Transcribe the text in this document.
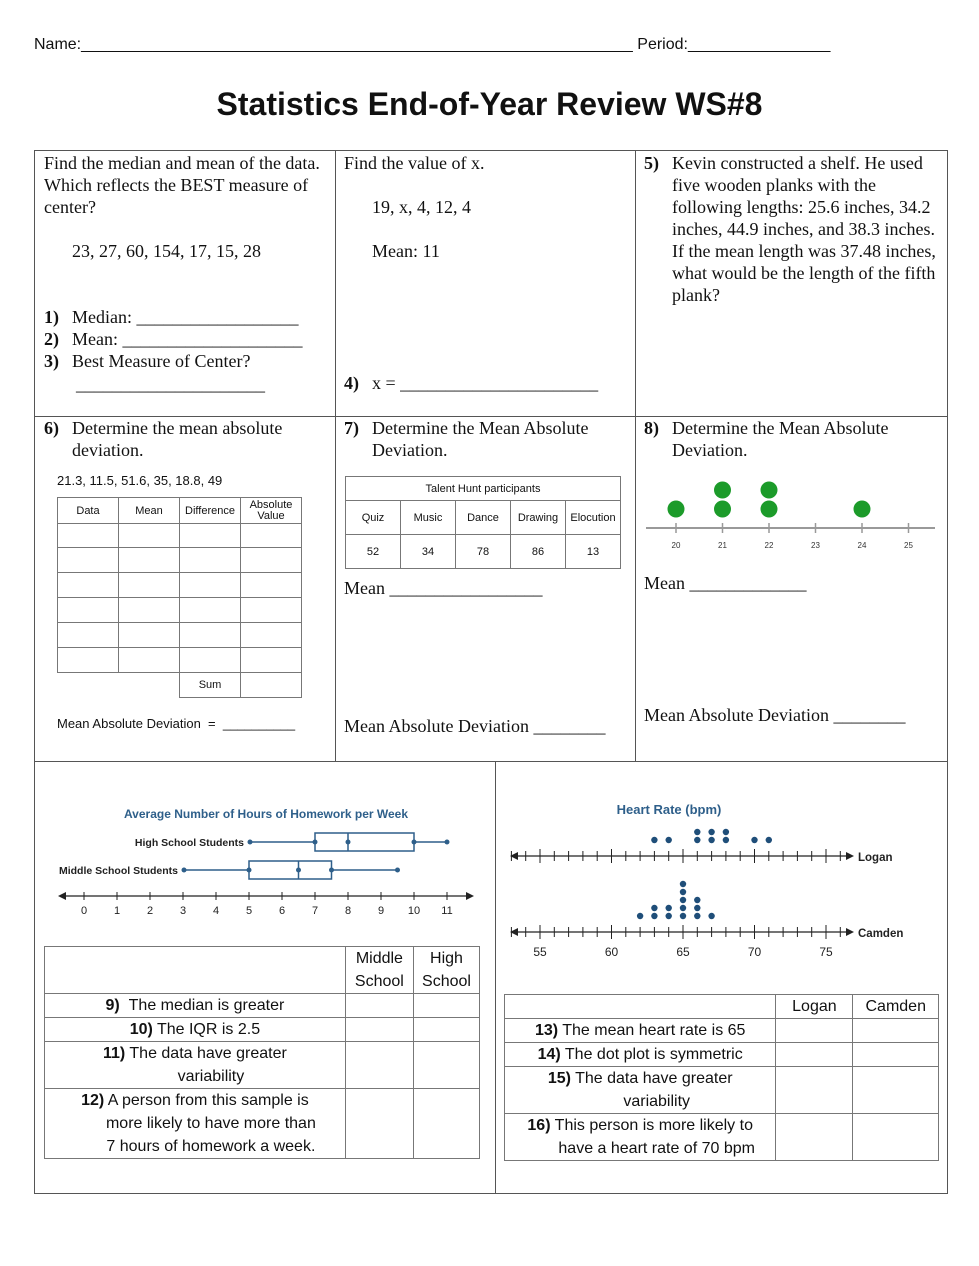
Name:______________________________________________________________ Period:________________
Statistics End-of-Year Review WS#8
Find the median and mean of the data. Which reflects the BEST measure of center?
23, 27, 60, 154, 17, 15, 28
1) Median: __________________
2) Mean: ____________________
3) Best Measure of Center?
_____________________
Find the value of x.
19, x, 4, 12, 4
Mean: 11
4) x = ______________________
5) Kevin constructed a shelf. He used five wooden planks with the following lengths: 25.6 inches, 34.2 inches, 44.9 inches, and 38.3 inches. If the mean length was 37.48 inches, what would be the length of the fifth plank?
6) Determine the mean absolute deviation.
21.3, 11.5, 51.6, 35, 18.8, 49
Data	Mean	Difference	Absolute Value

		Sum	
Mean Absolute Deviation  =  __________
7) Determine the Mean Absolute Deviation.
Talent Hunt participants				
Quiz	Music	Dance	Drawing	Elocution
52	34	78	86	13
Mean _________________
Mean Absolute Deviation ________
8) Determine the Mean Absolute Deviation.
20	21	22	23	24	25
Mean _____________
Mean Absolute Deviation ________
Average Number of Hours of Homework per Week
0 1 2 3 4 5 6 7 8 9 10 11
High School Students
Middle School Students
	Middle
School	High
School
9) The median is greater		
10) The IQR is 2.5		
11) The data have greater
variability		
12) A person from this sample is
more likely to have more than
7 hours of homework a week.		
Heart Rate (bpm)
Logan
Camden
55	60	65	70	75
	Logan	Camden
13) The mean heart rate is 65		
14) The dot plot is symmetric		
15) The data have greater
variability		
16) This person is more likely to
have a heart rate of 70 bpm		
